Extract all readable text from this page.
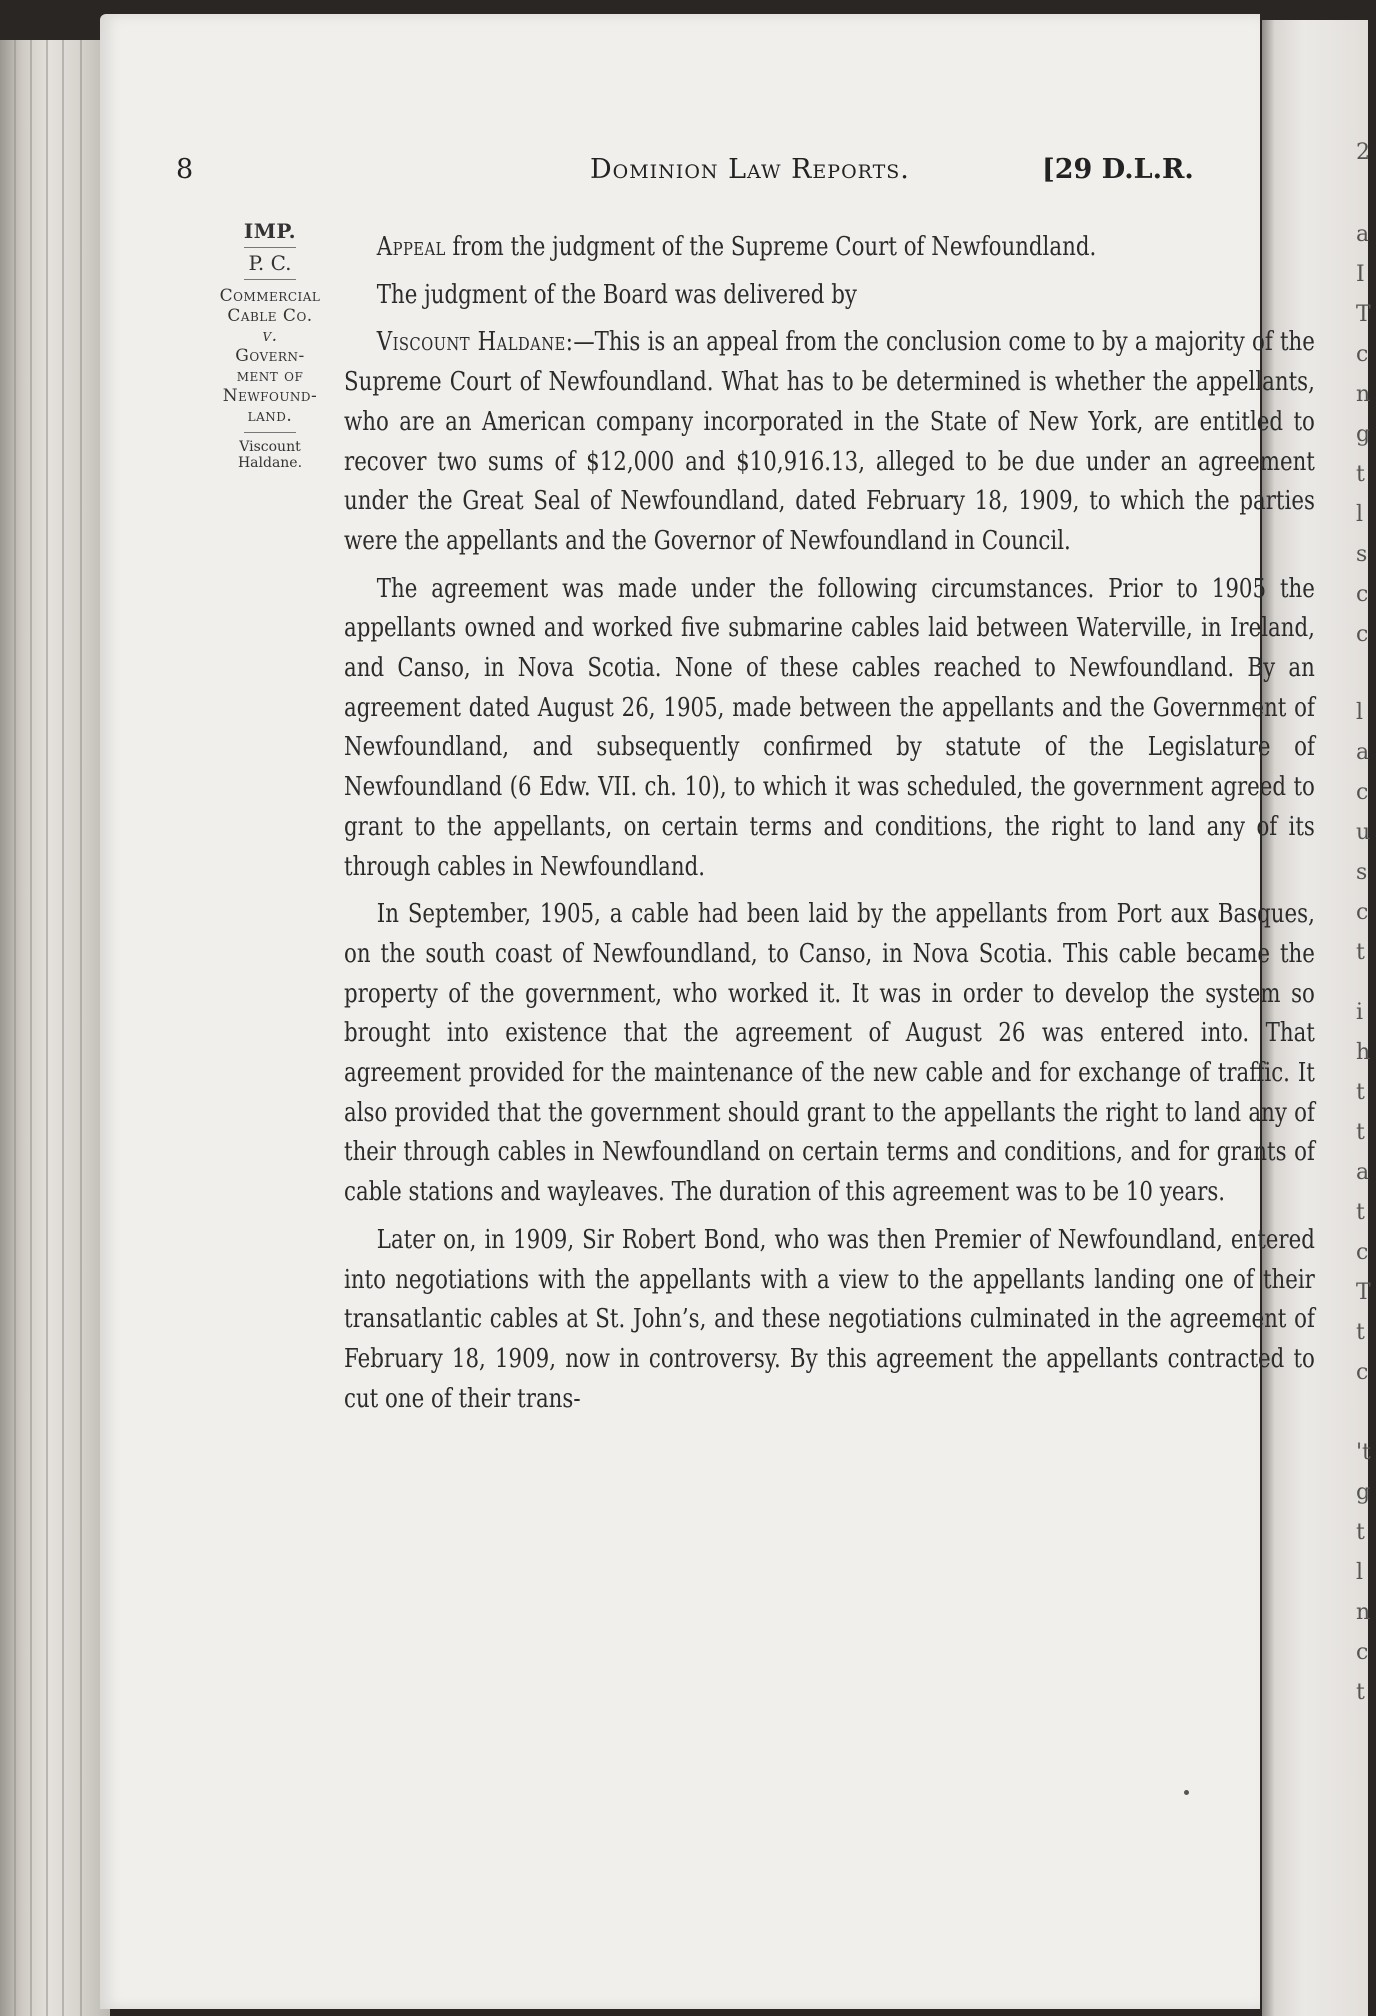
2
a
I
T
c
n
g
t
l
s
c
c
l
a
c
u
s
c
t
i
h
t
t
a
t
c
T
t
c
't
g
t
l
n
c
t
8	Dominion Law Reports.	[29 D.L.R.
IMP.
P. C.
Commercial
Cable Co.
v.
Govern-
ment of
Newfound-
land.
Viscount
Haldane.

Appeal from the judgment of the Supreme Court of Newfoundland.

The judgment of the Board was delivered by

Viscount Haldane:—This is an appeal from the conclusion come to by a majority of the Supreme Court of Newfoundland. What has to be determined is whether the appellants, who are an American company incorporated in the State of New York, are entitled to recover two sums of $12,000 and $10,916.13, alleged to be due under an agreement under the Great Seal of Newfoundland, dated February 18, 1909, to which the parties were the appellants and the Governor of Newfoundland in Council.

The agreement was made under the following circumstances. Prior to 1905 the appellants owned and worked five submarine cables laid between Waterville, in Ireland, and Canso, in Nova Scotia. None of these cables reached to Newfoundland. By an agreement dated August 26, 1905, made between the appellants and the Government of Newfoundland, and subsequently confirmed by statute of the Legislature of Newfoundland (6 Edw. VII. ch. 10), to which it was scheduled, the government agreed to grant to the appellants, on certain terms and conditions, the right to land any of its through cables in Newfoundland.

In September, 1905, a cable had been laid by the appellants from Port aux Basques, on the south coast of Newfoundland, to Canso, in Nova Scotia. This cable became the property of the government, who worked it. It was in order to develop the system so brought into existence that the agreement of August 26 was entered into. That agreement provided for the maintenance of the new cable and for exchange of traffic. It also provided that the government should grant to the appellants the right to land any of their through cables in Newfoundland on certain terms and conditions, and for grants of cable stations and wayleaves. The duration of this agreement was to be 10 years.

Later on, in 1909, Sir Robert Bond, who was then Premier of Newfoundland, entered into negotiations with the appellants with a view to the appellants landing one of their transatlantic cables at St. John’s, and these negotiations culminated in the agreement of February 18, 1909, now in controversy. By this agreement the appellants contracted to cut one of their trans-
